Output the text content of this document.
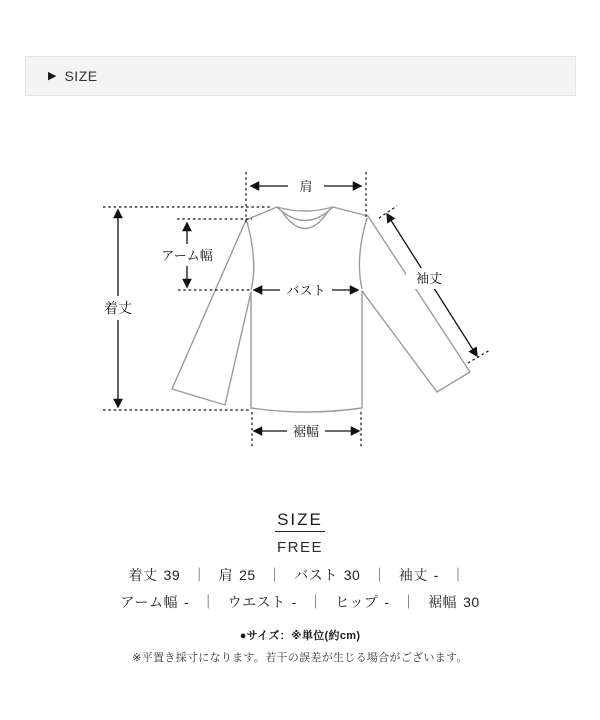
▶ SIZE
肩
アーム幅
着丈
バスト
袖丈
裾幅
SIZE
FREE
着丈 39 ｜ 肩 25 ｜ バスト 30 ｜ 袖丈 - ｜
アーム幅 - ｜ ウエスト - ｜ ヒップ - ｜ 裾幅 30
●サイズ：※単位(約cm)
※平置き採寸になります。若干の誤差が生じる場合がございます。
